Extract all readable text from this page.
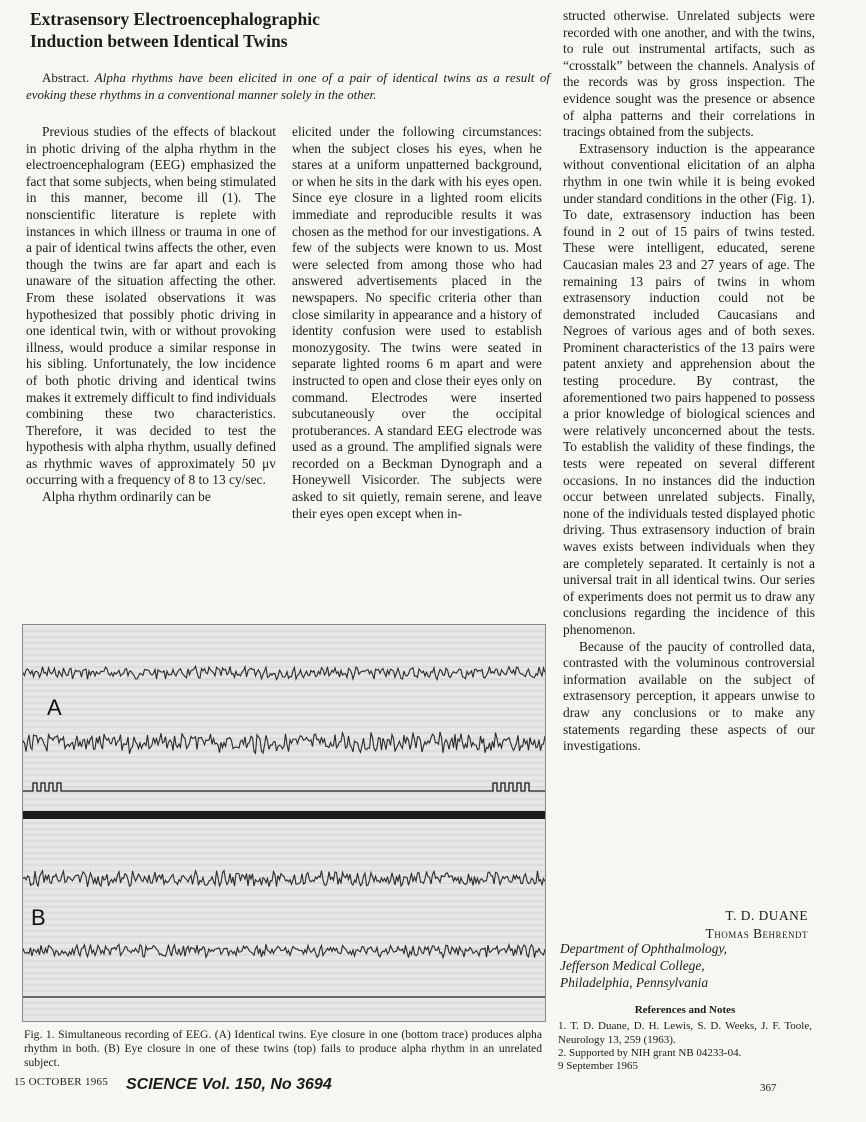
Extrasensory Electroencephalographic
Induction between Identical Twins
Abstract. Alpha rhythms have been elicited in one of a pair of identical twins as a result of evoking these rhythms in a conventional manner solely in the other.

Previous studies of the effects of blackout in photic driving of the alpha rhythm in the electroencephalogram (EEG) emphasized the fact that some subjects, when being stimulated in this manner, become ill (1). The nonscientific literature is replete with instances in which illness or trauma in one of a pair of identical twins affects the other, even though the twins are far apart and each is unaware of the situation affecting the other. From these isolated observations it was hypothesized that possibly photic driving in one identical twin, with or without provoking illness, would produce a similar response in his sibling. Unfortunately, the low incidence of both photic driving and identical twins makes it extremely difficult to find individuals combining these two characteristics. Therefore, it was decided to test the hypothesis with alpha rhythm, usually defined as rhythmic waves of approximately 50 μv occurring with a frequency of 8 to 13 cy/sec.

Alpha rhythm ordinarily can be

elicited under the following circumstances: when the subject closes his eyes, when he stares at a uniform unpatterned background, or when he sits in the dark with his eyes open. Since eye closure in a lighted room elicits immediate and reproducible results it was chosen as the method for our investigations. A few of the subjects were known to us. Most were selected from among those who had answered advertisements placed in the newspapers. No specific criteria other than close similarity in appearance and a history of identity confusion were used to establish monozygosity. The twins were seated in separate lighted rooms 6 m apart and were instructed to open and close their eyes only on command. Electrodes were inserted subcutaneously over the occipital protuberances. A standard EEG electrode was used as a ground. The amplified signals were recorded on a Beckman Dynograph and a Honeywell Visicorder. The subjects were asked to sit quietly, remain serene, and leave their eyes open except when in-

structed otherwise. Unrelated subjects were recorded with one another, and with the twins, to rule out instrumental artifacts, such as “crosstalk” between the channels. Analysis of the records was by gross inspection. The evidence sought was the presence or absence of alpha patterns and their correlations in tracings obtained from the subjects.

Extrasensory induction is the appearance without conventional elicitation of an alpha rhythm in one twin while it is being evoked under standard conditions in the other (Fig. 1). To date, extrasensory induction has been found in 2 out of 15 pairs of twins tested. These were intelligent, educated, serene Caucasian males 23 and 27 years of age. The remaining 13 pairs of twins in whom extrasensory induction could not be demonstrated included Caucasians and Negroes of various ages and of both sexes. Prominent characteristics of the 13 pairs were patent anxiety and apprehension about the testing procedure. By contrast, the aforementioned two pairs happened to possess a prior knowledge of biological sciences and were relatively unconcerned about the tests. To establish the validity of these findings, the tests were repeated on several different occasions. In no instances did the induction occur between unrelated subjects. Finally, none of the individuals tested displayed photic driving. Thus extrasensory induction of brain waves exists between individuals when they are completely separated. It certainly is not a universal trait in all identical twins. Our series of experiments does not permit us to draw any conclusions regarding the incidence of this phenomenon.

Because of the paucity of controlled data, contrasted with the voluminous controversial information available on the subject of extrasensory perception, it appears unwise to draw any conclusions or to make any statements regarding these aspects of our investigations.

A
B
Fig. 1. Simultaneous recording of EEG. (A) Identical twins. Eye closure in one (bottom trace) produces alpha rhythm in both. (B) Eye closure in one of these twins (top) fails to produce alpha rhythm in an unrelated subject.
T. D. DUANE
Thomas Behrendt
Department of Ophthalmology,
Jefferson Medical College,
Philadelphia, Pennsylvania
References and Notes
1. T. D. Duane, D. H. Lewis, S. D. Weeks, J. F. Toole, Neurology 13, 259 (1963).
2. Supported by NIH grant NB 04233-04.
9 September 1965
15 OCTOBER 1965 SCIENCE Vol. 150, No 3694	367
